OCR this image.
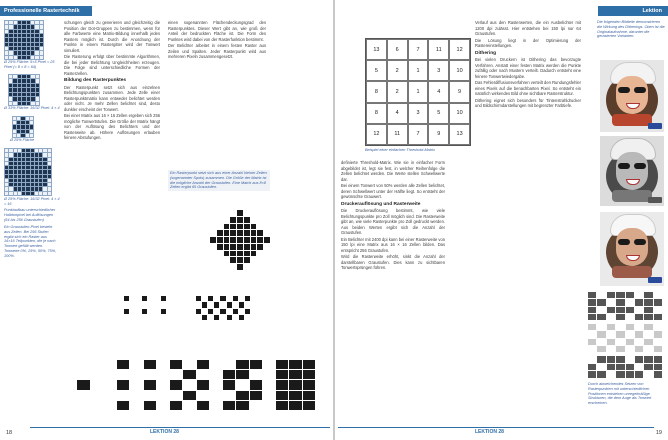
Professionelle Rastertechnik
Ø 25% Fläche: 5×5 Pixel = 25 Pixel (= 8 × 8 = 64)
Ø 33% Fläche: 16/32 Pixel: 4 × 4
Ø 25% Fläche
Ø 25% Fläche: 16/32 Pixel: 4 × 4 = 16
Punktaufbau unterschiedlicher Halbtonpixel bei Auflösungen (64 bis 256 Graustufen)
Ein Graustufen-Pixel besteht aus Zellen. Bei 256 Stufen ergibt sich ein Raster aus 16×16 Teilpunkten, die je nach Tonwert gefüllt werden. Tonwerte 0%, 25%, 50%, 75%, 100%.

schungen gleich zu generieren und gleichzeitig die Position der Dot-Gruppen zu bestimmen, wenn für alle Farbwerte eine Matrix-Bildung innerhalb jedes Rasters möglich ist. Durch die Anordnung der Punkte in einem Rastergitter wird der Tonwert simuliert.

Die Rasterung erfolgt über bestimmte Algorithmen, die bei jeder Belichtung Ungleichheiten erzeugen. Die Folge sind unterschiedliche Formen der Rasterzellen.

Bildung des Rasterpunktes

Der Rasterpunkt setzt sich aus einzelnen Belichtungspunkten zusammen. Jede Zelle einer Rasterpunktmatrix kann entweder belichtet werden oder nicht. Je mehr Zellen belichtet sind, desto dunkler erscheint der Tonwert.

Bei einer Matrix aus 16 × 16 Zellen ergeben sich 256 mögliche Tonwertstufen. Die Größe der Matrix hängt von der Auflösung des Belichters und der Rasterweite ab. Höhere Auflösungen erlauben feinere Abstufungen.

einen sogenannten Flächendeckungsgrad des Rasterpunktes. Dieser Wert gibt an, wie groß der Anteil der bedruckten Fläche ist. Die Form des Punktes wird dabei von der Rasterfunktion bestimmt.

Der Belichter arbeitet in einem festen Raster aus Zeilen und Spalten. Jeder Rasterpunkt wird aus mehreren Pixeln zusammengesetzt.

Ein Rasterpunkt setzt sich aus einer Anzahl kleiner Zellen (sogenannter Spots) zusammen. Die Größe der Matrix ist die mögliche Anzahl der Graustufen. Eine Matrix aus 8×8 Zellen ergibt 65 Graustufen.
18	LEKTION 28
Lektion
13	6	7	11	12
5	2	1	3	10
8	2	1	4	9
8	4	3	5	10
12	11	7	9	13
Beispiel einer einfachen Threshold-Matrix

definierte Threshold-Matrix. Wie sie in einfacher Form abgebildet ist, legt sie fest, in welcher Reihenfolge die Zellen belichtet werden. Die Werte stellen Schwellwerte dar.

Bei einem Tonwert von 50% werden alle Zellen belichtet, deren Schwellwert unter der Hälfte liegt. So entsteht der gewünschte Grauwert.

Druckerauflösung und Rasterweite

Die Druckerauflösung bestimmt, wie viele Belichtungspunkte pro Zoll möglich sind. Die Rasterweite gibt an, wie viele Rasterpunkte pro Zoll gedruckt werden. Aus beiden Werten ergibt sich die Anzahl der Graustufen.

Ein Belichter mit 2400 dpi kann bei einer Rasterweite von 150 lpi eine Matrix aus 16 × 16 Zellen bilden. Das entspricht 256 Graustufen.

Wird die Rasterweite erhöht, sinkt die Anzahl der darstellbaren Graustufen. Dies kann zu sichtbaren Tonwertsprüngen führen.

Verlauf aus den Rasterwerten, die ein Ausbelichter mit 1200 dpi zulässt. Hier entstehen bei 150 lpi nur 64 Graustufen.

Die Lösung liegt in der Optimierung der Rastereinstellungen.

Dithering

Bei vielen Druckern ist Dithering das bevorzugte Verfahren. Anstatt einer festen Matrix werden die Punkte zufällig oder nach Mustern verteilt. Dadurch entsteht eine feinere Tonwertwiedergabe.

Das Fehlerdiffusionsverfahren verteilt den Rundungsfehler eines Pixels auf die benachbarten Pixel. So entsteht ein natürlich wirkendes Bild ohne sichtbare Rasterstruktur.

Dithering eignet sich besonders für Tintenstrahldrucker und Bildschirmdarstellungen mit begrenzter Farbtiefe.

Die folgenden Bildteile demonstrieren die Wirkung des Ditherings. Oben ist die Originalaufnahme, darunter die gerasterten Varianten.
Durch abweichendes Setzen von Rasterpunkten mit unterschiedlichen Positionen entstehen unregelmäßige Strukturen, die dem Auge als Tonwert erscheinen.
LEKTION 28	19
